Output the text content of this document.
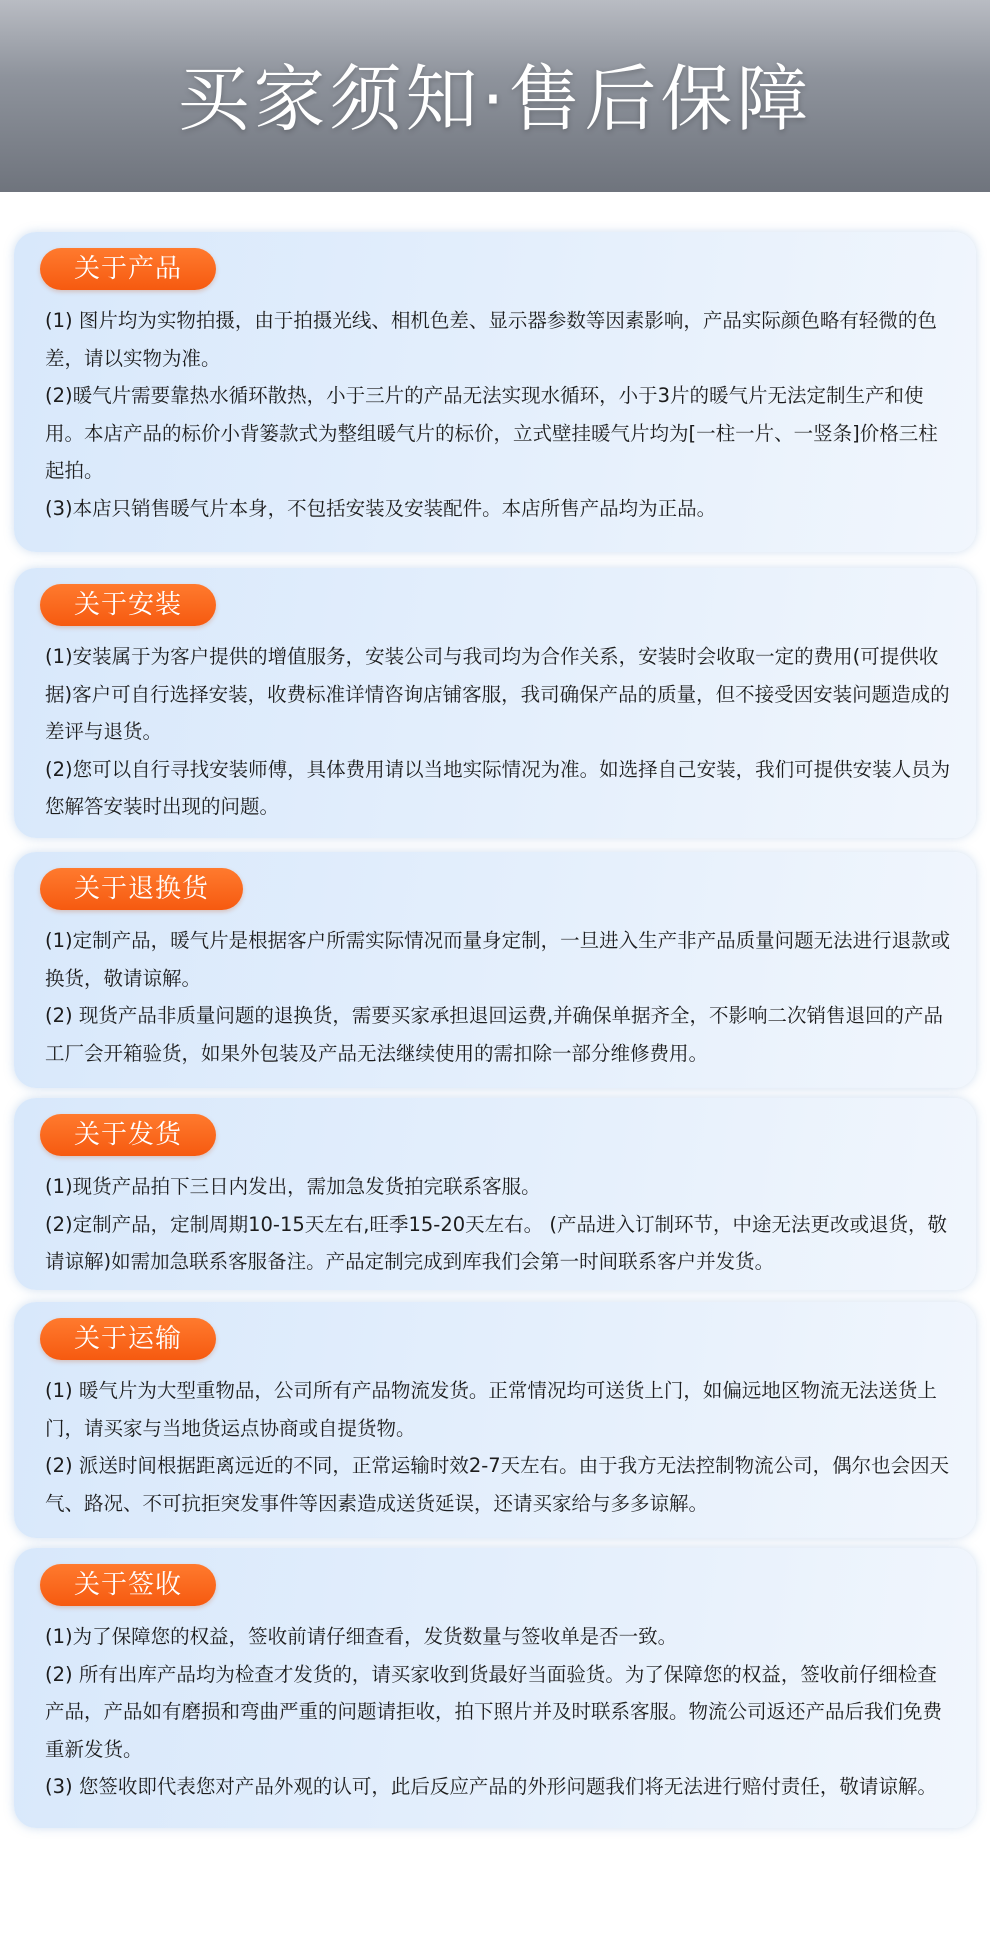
买家须知·售后保障
关于产品

(1) 图片均为实物拍摄，由于拍摄光线、相机色差、显示器参数等因素影响，产品实际颜色略有轻微的色差，请以实物为准。

(2)暖气片需要靠热水循环散热，小于三片的产品无法实现水循环，小于3片的暖气片无法定制生产和使用。本店产品的标价小背篓款式为整组暖气片的标价，立式壁挂暖气片均为[一柱一片、一竖条]价格三柱起拍。

(3)本店只销售暖气片本身，不包括安装及安装配件。本店所售产品均为正品。

关于安装

(1)安装属于为客户提供的增值服务，安装公司与我司均为合作关系，安装时会收取一定的费用(可提供收据)客户可自行选择安装，收费标准详情咨询店铺客服，我司确保产品的质量，但不接受因安装问题造成的差评与退货。

(2)您可以自行寻找安装师傅，具体费用请以当地实际情况为准。如选择自己安装，我们可提供安装人员为您解答安装时出现的问题。

关于退换货

(1)定制产品，暖气片是根据客户所需实际情况而量身定制，一旦进入生产非产品质量问题无法进行退款或换货，敬请谅解。

(2) 现货产品非质量问题的退换货，需要买家承担退回运费,并确保单据齐全，不影响二次销售退回的产品工厂会开箱验货，如果外包装及产品无法继续使用的需扣除一部分维修费用。

关于发货

(1)现货产品拍下三日内发出，需加急发货拍完联系客服。

(2)定制产品，定制周期10-15天左右,旺季15-20天左右。 (产品进入订制环节，中途无法更改或退货，敬请谅解)如需加急联系客服备注。产品定制完成到库我们会第一时间联系客户并发货。

关于运输

(1) 暖气片为大型重物品，公司所有产品物流发货。正常情况均可送货上门，如偏远地区物流无法送货上门，请买家与当地货运点协商或自提货物。

(2) 派送时间根据距离远近的不同，正常运输时效2-7天左右。由于我方无法控制物流公司，偶尔也会因天气、路况、不可抗拒突发事件等因素造成送货延误，还请买家给与多多谅解。

关于签收

(1)为了保障您的权益，签收前请仔细查看，发货数量与签收单是否一致。

(2) 所有出库产品均为检查才发货的，请买家收到货最好当面验货。为了保障您的权益，签收前仔细检查产品，产品如有磨损和弯曲严重的问题请拒收，拍下照片并及时联系客服。物流公司返还产品后我们免费重新发货。

(3) 您签收即代表您对产品外观的认可，此后反应产品的外形问题我们将无法进行赔付责任，敬请谅解。
